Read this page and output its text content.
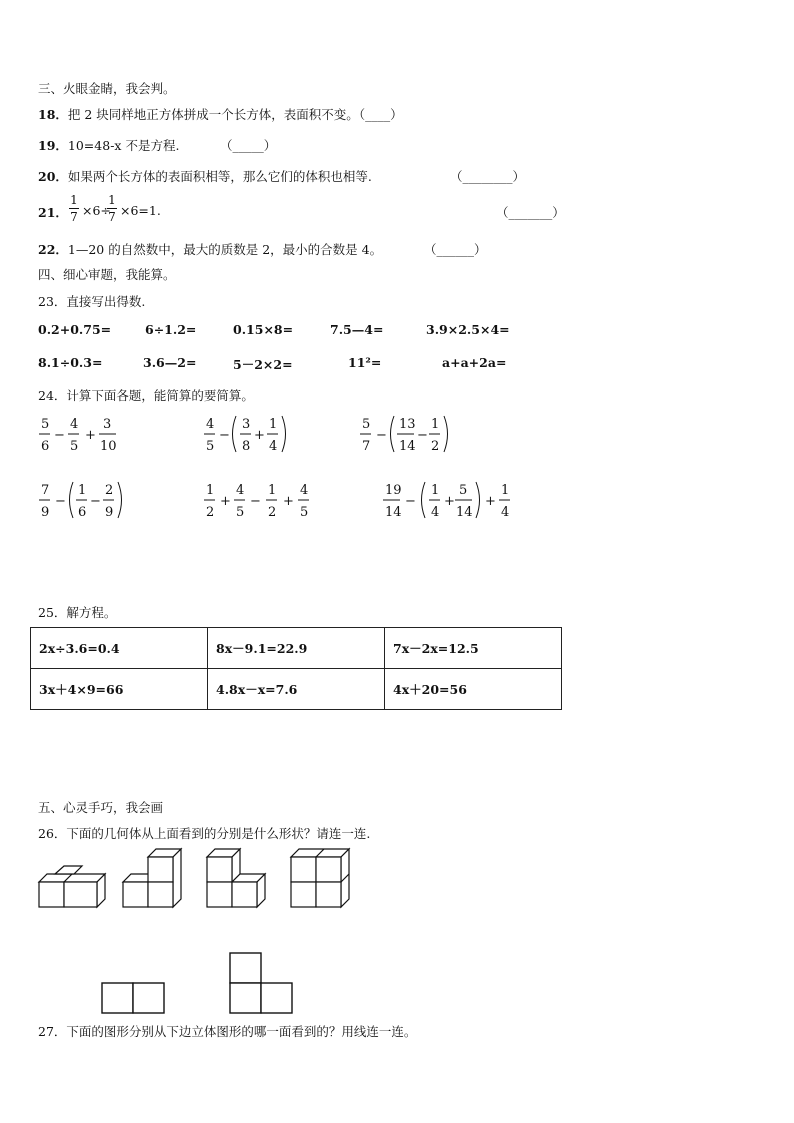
三、火眼金睛，我会判。
18．把 2 块同样地正方体拼成一个长方体，表面积不变。（____）
19．10=48-x 不是方程.	（_____）
20．如果两个长方体的表面积相等，那么它们的体积也相等.	（________）
21．
1
7 ×6÷
1
7 ×6=1.	（_______）
22．1—20 的自然数中，最大的质数是 2，最小的合数是 4。	（______）
四、细心审题，我能算。
23．直接写出得数.
0.2+0.75=	6÷1.2=	0.15×8=	7.5—4=	3.9×2.5×4=
8.1÷0.3=	3.6—2=	5－2×2=	11²=	a+a+2a=
24．计算下面各题，能简算的要简算。
5
6
−
4
5
+
3
10
4
5
−
3
8
+
1
4
5
7
−
13
14
−
1
2
7
9
−
1
6
−
2
9
1
2
+
4
5
−
1
2
+
4
5
19
14
−
1
4
+
5
14
+
1
4
25．解方程。
2x÷3.6=0.4	8x－9.1=22.9	7x－2x=12.5
3x＋4×9=66	4.8x－x=7.6	4x＋20=56
五、心灵手巧，我会画
26．下面的几何体从上面看到的分别是什么形状？请连一连.
27．下面的图形分别从下边立体图形的哪一面看到的？用线连一连。
